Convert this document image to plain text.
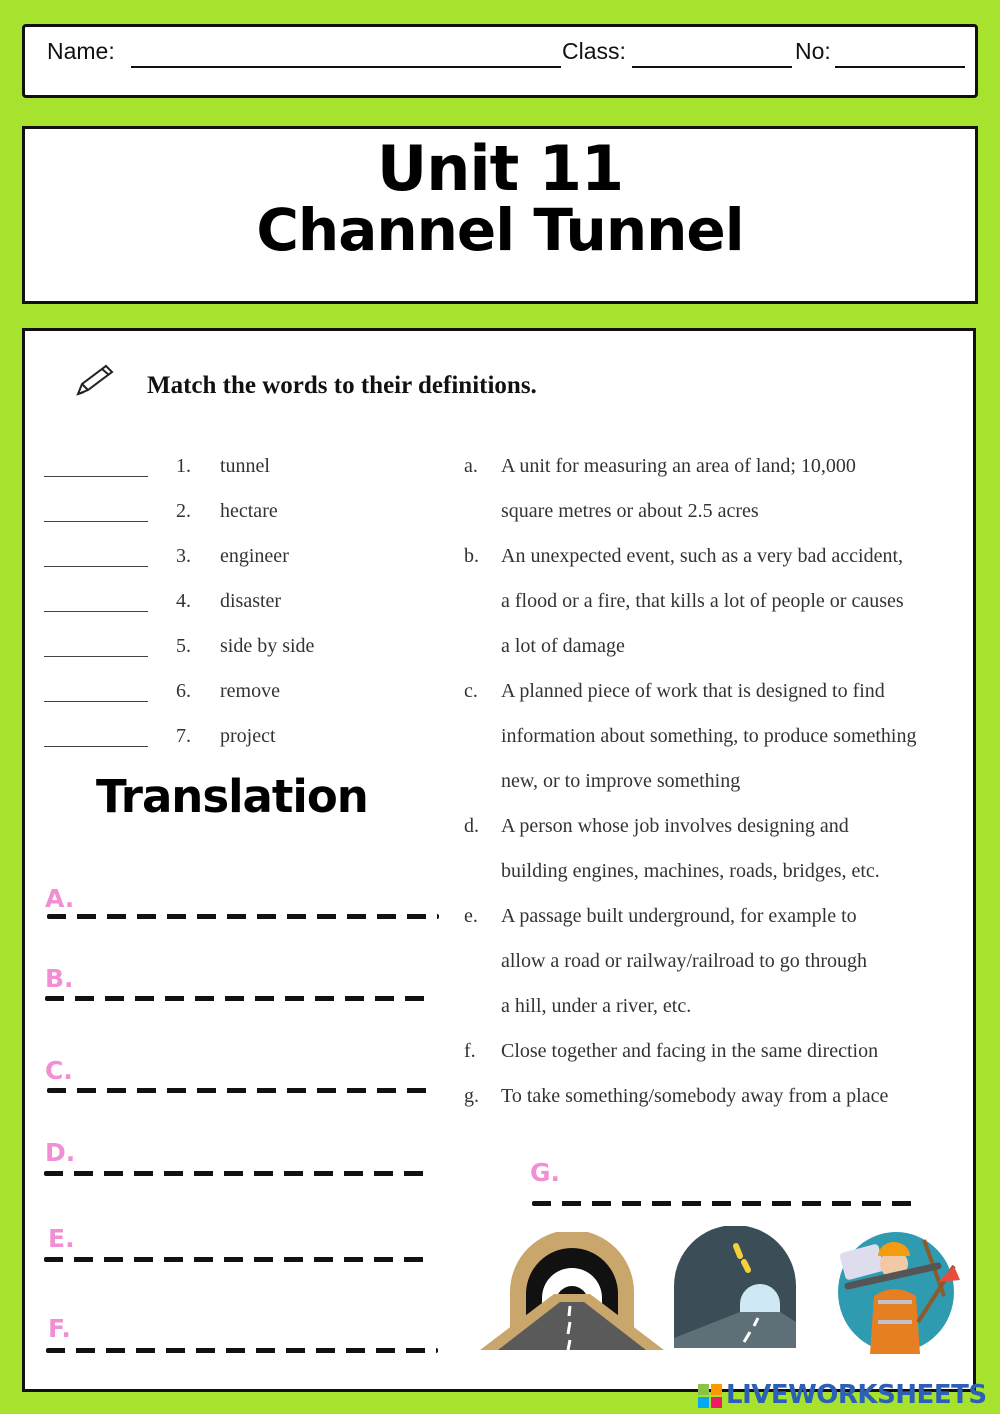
Name:	Class:	No:
Unit 11
Channel Tunnel
Match the words to their definitions.
1. tunnel
2. hectare
3. engineer
4. disaster
5. side by side
6. remove
7. project
a. A unit for measuring an area of land; 10,000
square metres or about 2.5 acres
b. An unexpected event, such as a very bad accident,
a flood or a fire, that kills a lot of people or causes
a lot of damage
c. A planned piece of work that is designed to find
information about something, to produce something
new, or to improve something
d. A person whose job involves designing and
building engines, machines, roads, bridges, etc.
e. A passage built underground, for example to
allow a road or railway/railroad to go through
a hill, under a river, etc.
f. Close together and facing in the same direction
g. To take something/somebody away from a place
Translation
A.
B.
C.
D.
E.
F.
G.
LIVEWORKSHEETS
